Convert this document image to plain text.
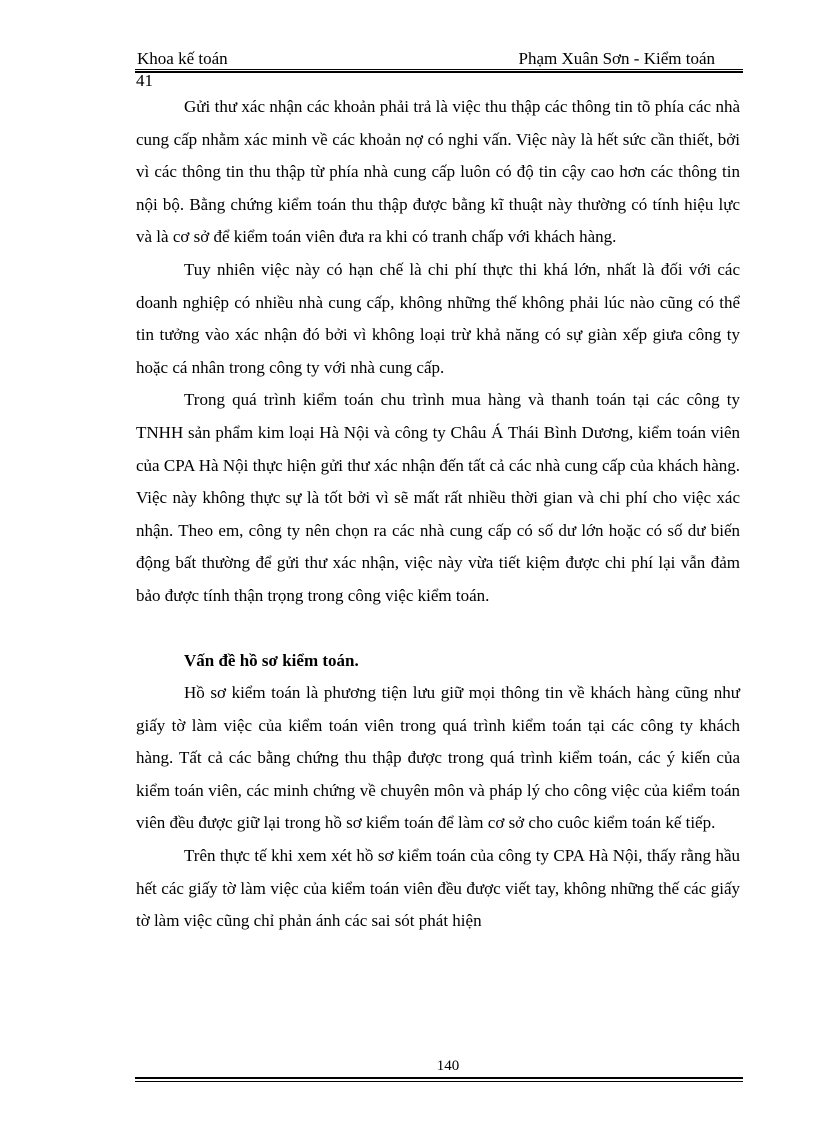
Khoa kế toán	Phạm Xuân Sơn - Kiểm toán
41

Gửi thư xác nhận các khoản phải trả là việc thu thập các thông tin tõ phía các nhà cung cấp nhằm xác minh về các khoản nợ có nghi vấn. Việc này là hết sức cần thiết, bởi vì các thông tin thu thập từ phía nhà cung cấp luôn có độ tin cậy cao hơn các thông tin nội bộ. Bằng chứng kiểm toán thu thập được bằng kĩ thuật này thường có tính hiệu lực và là cơ sở để kiểm toán viên đưa ra khi có tranh chấp với khách hàng.

Tuy nhiên việc này có hạn chế là chi phí thực thi khá lớn, nhất là đối với các doanh nghiệp có nhiều nhà cung cấp, không những thế không phải lúc nào cũng có thể tin tưởng vào xác nhận đó bởi vì không loại trừ khả năng có sự giàn xếp giưa công ty hoặc cá nhân trong công ty với nhà cung cấp.

Trong quá trình kiểm toán chu trình mua hàng và thanh toán tại các công ty TNHH sản phẩm kim loại Hà Nội và công ty Châu Á Thái Bình Dương, kiểm toán viên của CPA Hà Nội thực hiện gửi thư xác nhận đến tất cả các nhà cung cấp của khách hàng. Việc này không thực sự là tốt bởi vì sẽ mất rất nhiều thời gian và chi phí cho việc xác nhận. Theo em, công ty nên chọn ra các nhà cung cấp có số dư lớn hoặc có số dư biến động bất thường để gửi thư xác nhận, việc này vừa tiết kiệm được chi phí lại vẫn đảm bảo được tính thận trọng trong công việc kiểm toán.

Vấn đề hồ sơ kiểm toán.

Hồ sơ kiểm toán là phương tiện lưu giữ mọi thông tin về khách hàng cũng như giấy tờ làm việc của kiểm toán viên trong quá trình kiểm toán tại các công ty khách hàng. Tất cả các bằng chứng thu thập được trong quá trình kiểm toán, các ý kiến của kiểm toán viên, các minh chứng về chuyên môn và pháp lý cho công việc của kiểm toán viên đều được giữ lại trong hồ sơ kiểm toán để làm cơ sở cho cuôc kiểm toán kế tiếp.

Trên thực tế khi xem xét hồ sơ kiểm toán của công ty CPA Hà Nội, thấy rằng hầu hết các giấy tờ làm việc của kiểm toán viên đều được viết tay, không những thế các giấy tờ làm việc cũng chỉ phản ánh các sai sót phát hiện

140
